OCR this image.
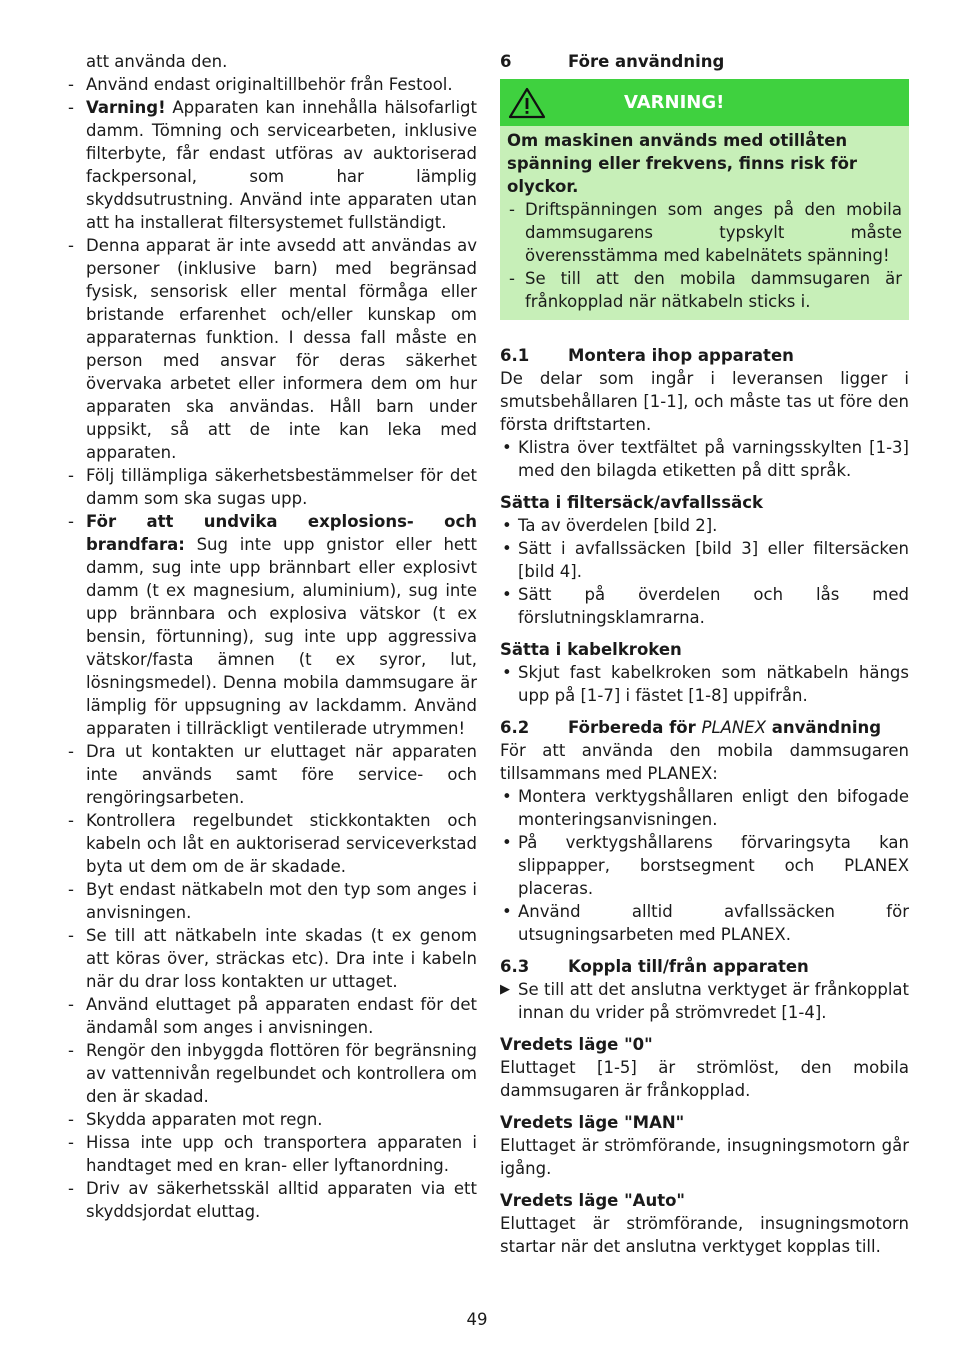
att använda den.
- Använd endast originaltillbehör från Festool.
- Varning! Apparaten kan innehålla hälsofarligt damm. Tömning och servicearbeten, inklusive filterbyte, får endast utföras av auktoriserad fackpersonal, som har lämplig skyddsutrustning. Använd inte apparaten utan att ha installerat filtersystemet fullständigt.
- Denna apparat är inte avsedd att användas av personer (inklusive barn) med begränsad fysisk, sensorisk eller mental förmåga eller bristande erfarenhet och/eller kunskap om apparaternas funktion. I dessa fall måste en person med ansvar för deras säkerhet övervaka arbetet eller informera dem om hur apparaten ska användas. Håll barn under uppsikt, så att de inte kan leka med apparaten.
- Följ tillämpliga säkerhetsbestämmelser för det damm som ska sugas upp.
- För att undvika explosions- och brandfara: Sug inte upp gnistor eller hett damm, sug inte upp brännbart eller explosivt damm (t ex magnesium, aluminium), sug inte upp brännbara och explosiva vätskor (t ex bensin, förtunning), sug inte upp aggressiva vätskor/fasta ämnen (t ex syror, lut, lösningsmedel). Denna mobila dammsugare är lämplig för uppsugning av lackdamm. Använd apparaten i tillräckligt ventilerade utrymmen!
- Dra ut kontakten ur eluttaget när apparaten inte används samt före service- och rengöringsarbeten.
- Kontrollera regelbundet stickkontakten och kabeln och låt en auktoriserad serviceverkstad byta ut dem om de är skadade.
- Byt endast nätkabeln mot den typ som anges i anvisningen.
- Se till att nätkabeln inte skadas (t ex genom att köras över, sträckas etc). Dra inte i kabeln när du drar loss kontakten ur uttaget.
- Använd eluttaget på apparaten endast för det ändamål som anges i anvisningen.
- Rengör den inbyggda flottören för begränsning av vattennivån regelbundet och kontrollera om den är skadad.
- Skydda apparaten mot regn.
- Hissa inte upp och transportera apparaten i handtaget med en kran- eller lyftanordning.
- Driv av säkerhetsskäl alltid apparaten via ett skyddsjordat eluttag.
6	Före användning
VARNING!

Om maskinen används med otillåten spänning eller frekvens, finns risk för olyckor.

- Driftspänningen som anges på den mobila dammsugarens typskylt måste överensstämma med kabelnätets spänning!
- Se till att den mobila dammsugaren är frånkopplad när nätkabeln sticks i.
6.1 Montera ihop apparaten

De delar som ingår i leveransen ligger i smutsbehållaren [1-1], och måste tas ut före den första driftstarten.

• Klistra över textfältet på varningsskylten [1-3] med den bilagda etiketten på ditt språk.
Sätta i filtersäck/avfallssäck
• Ta av överdelen [bild 2].
• Sätt i avfallssäcken [bild 3] eller filtersäcken [bild 4].
• Sätt på överdelen och lås med förslutningsklamrarna.
Sätta i kabelkroken
• Skjut fast kabelkroken som nätkabeln hängs upp på [1-7] i fästet [1-8] uppifrån.
6.2 Förbereda för PLANEX användning

För att använda den mobila dammsugaren tillsammans med PLANEX:

• Montera verktygshållaren enligt den bifogade monteringsanvisningen.
• På verktygshållarens förvaringsyta kan slippapper, borstsegment och PLANEX placeras.
• Använd alltid avfallssäcken för utsugningsarbeten med PLANEX.
6.3 Koppla till/från apparaten
▶ Se till att det anslutna verktyget är frånkopplat innan du vrider på strömvredet [1-4].
Vredets läge "0"

Eluttaget [1-5] är strömlöst, den mobila dammsugaren är frånkopplad.

Vredets läge "MAN"

Eluttaget är strömförande, insugningsmotorn går igång.

Vredets läge "Auto"

Eluttaget är strömförande, insugningsmotorn startar när det anslutna verktyget kopplas till.

49
